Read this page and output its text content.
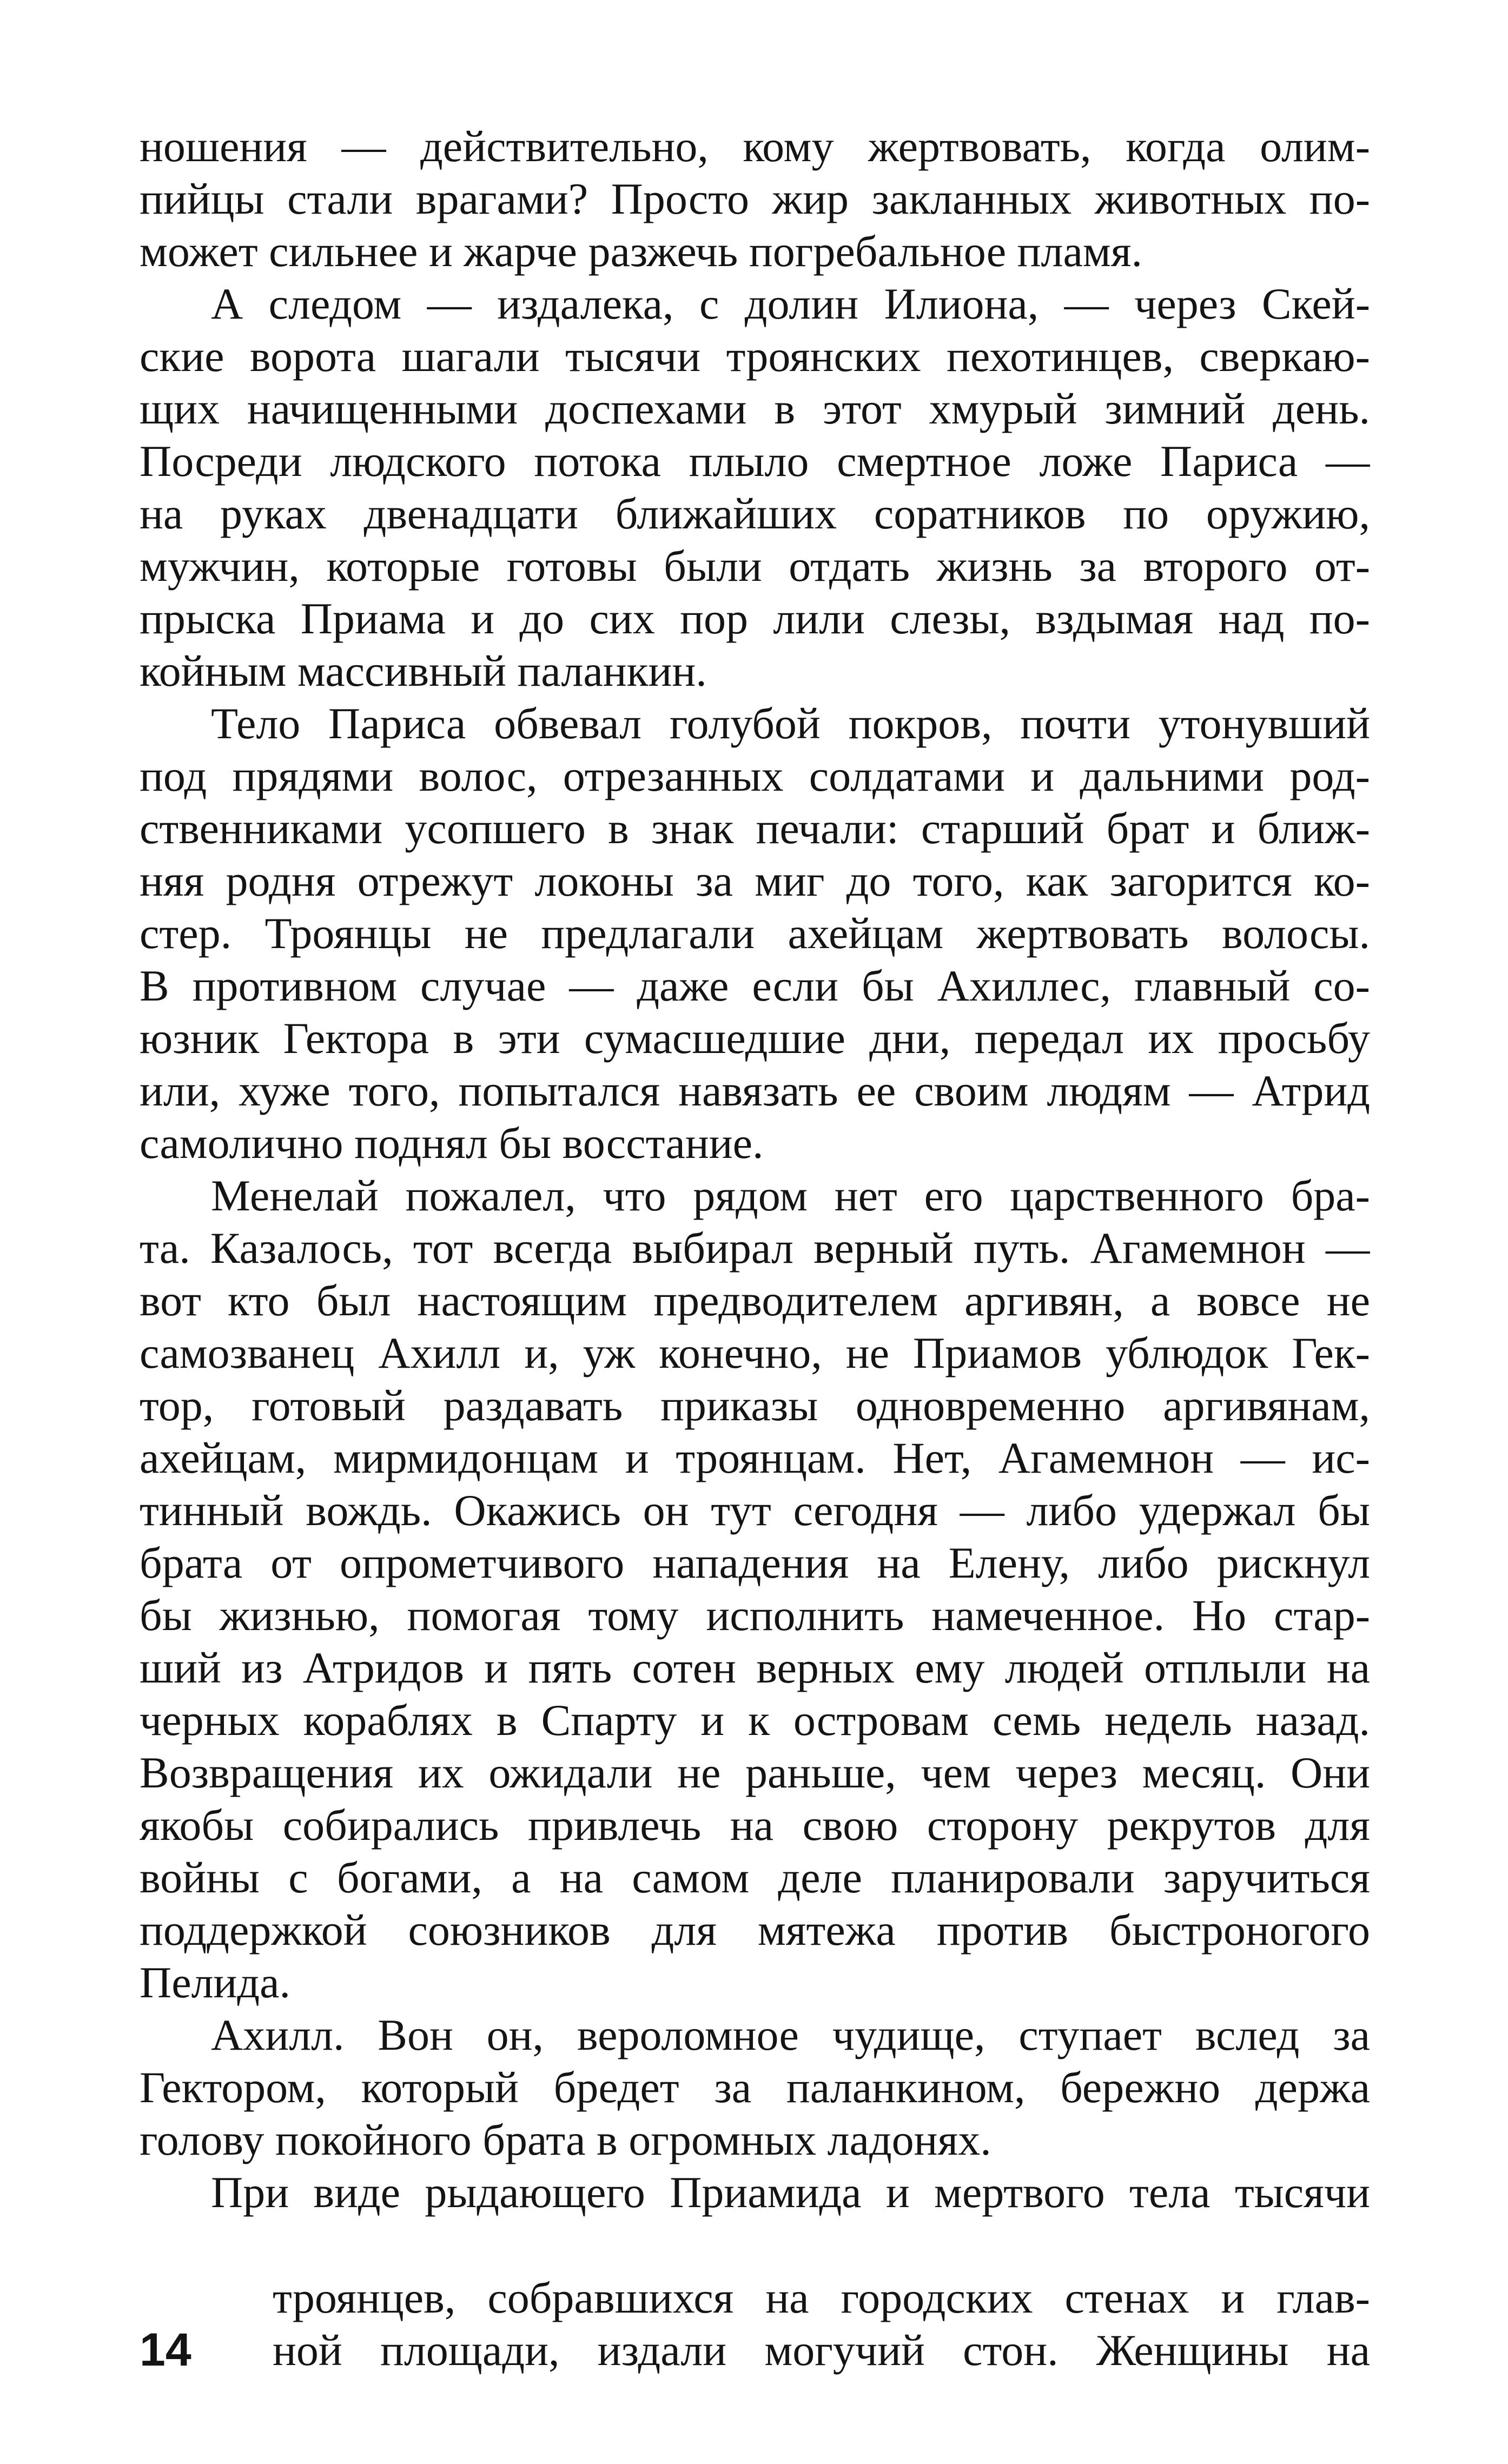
ношения — действительно, кому жертвовать, когда олим-
пийцы стали врагами? Просто жир закланных животных по-
может сильнее и жарче разжечь погребальное пламя.
А следом — издалека, с долин Илиона, — через Скей-
ские ворота шагали тысячи троянских пехотинцев, сверкаю-
щих начищенными доспехами в этот хмурый зимний день.
Посреди людского потока плыло смертное ложе Париса —
на руках двенадцати ближайших соратников по оружию,
мужчин, которые готовы были отдать жизнь за второго от-
прыска Приама и до сих пор лили слезы, вздымая над по-
койным массивный паланкин.
Тело Париса обвевал голубой покров, почти утонувший
под прядями волос, отрезанных солдатами и дальними род-
ственниками усопшего в знак печали: старший брат и ближ-
няя родня отрежут локоны за миг до того, как загорится ко-
стер. Троянцы не предлагали ахейцам жертвовать волосы.
В противном случае — даже если бы Ахиллес, главный со-
юзник Гектора в эти сумасшедшие дни, передал их просьбу
или, хуже того, попытался навязать ее своим людям — Атрид
самолично поднял бы восстание.
Менелай пожалел, что рядом нет его царственного бра-
та. Казалось, тот всегда выбирал верный путь. Агамемнон —
вот кто был настоящим предводителем аргивян, а вовсе не
самозванец Ахилл и, уж конечно, не Приамов ублюдок Гек-
тор, готовый раздавать приказы одновременно аргивянам,
ахейцам, мирмидонцам и троянцам. Нет, Агамемнон — ис-
тинный вождь. Окажись он тут сегодня — либо удержал бы
брата от опрометчивого нападения на Елену, либо рискнул
бы жизнью, помогая тому исполнить намеченное. Но стар-
ший из Атридов и пять сотен верных ему людей отплыли на
черных кораблях в Спарту и к островам семь недель назад.
Возвращения их ожидали не раньше, чем через месяц. Они
якобы собирались привлечь на свою сторону рекрутов для
войны с богами, а на самом деле планировали заручиться
поддержкой союзников для мятежа против быстроногого
Пелида.
Ахилл. Вон он, вероломное чудище, ступает вслед за
Гектором, который бредет за паланкином, бережно держа
голову покойного брата в огромных ладонях.
При виде рыдающего Приамида и мертвого тела тысячи
троянцев, собравшихся на городских стенах и глав-
ной площади, издали могучий стон. Женщины на
14
